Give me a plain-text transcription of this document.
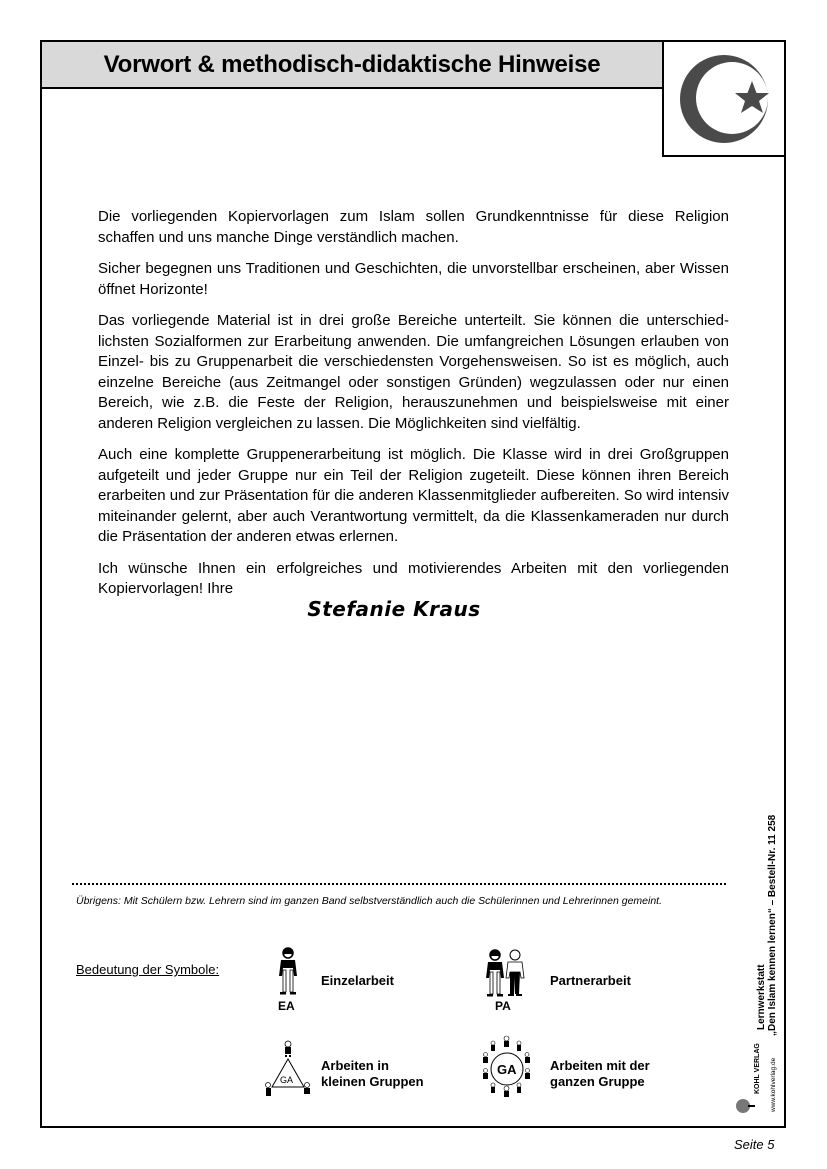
Vorwort & methodisch-didaktische Hinweise

Die vorliegenden Kopiervorlagen zum Islam sollen Grundkenntnisse für diese Religion schaffen und uns manche Dinge verständlich machen.

Sicher begegnen uns Traditionen und Geschichten, die unvorstellbar erscheinen, aber Wissen öffnet Horizonte!

Das vorliegende Material ist in drei große Bereiche unterteilt. Sie können die unterschiedlichsten Sozialformen zur Erarbeitung anwenden. Die umfangreichen Lösungen erlauben von Einzel- bis zu Gruppenarbeit die verschiedensten Vorgehensweisen. So ist es möglich, auch einzelne Bereiche (aus Zeitmangel oder sonstigen Gründen) wegzulassen oder nur einen Bereich, wie z.B. die Feste der Religion, herauszunehmen und beispielsweise mit einer anderen Religion vergleichen zu lassen. Die Möglichkeiten sind vielfältig.

Auch eine komplette Gruppenerarbeitung ist möglich. Die Klasse wird in drei Großgruppen aufgeteilt und jeder Gruppe nur ein Teil der Religion zugeteilt. Diese können ihren Bereich erarbeiten und zur Präsentation für die anderen Klassenmitglieder aufbereiten. So wird intensiv miteinander gelernt, aber auch Verantwortung vermittelt, da die Klassenkameraden nur durch die Präsentation der anderen etwas erlernen.

Ich wünsche Ihnen ein erfolgreiches und motivierendes Arbeiten mit den vorliegenden Kopiervorlagen! Ihre

Stefanie Kraus
Übrigens: Mit Schülern bzw. Lehrern sind im ganzen Band selbstverständlich auch die Schülerinnen und Lehrerinnen gemeint.
Bedeutung der Symbole:
EA
Einzelarbeit
PA
Partnerarbeit
GA
Arbeiten in
kleinen Gruppen
GA	Arbeiten mit der
ganzen Gruppe	KOHL VERLAG www.kohlverlag.de
Lernwerkstatt „Den Islam kennen lernen“ – Bestell-Nr. 11 258
Seite 5
